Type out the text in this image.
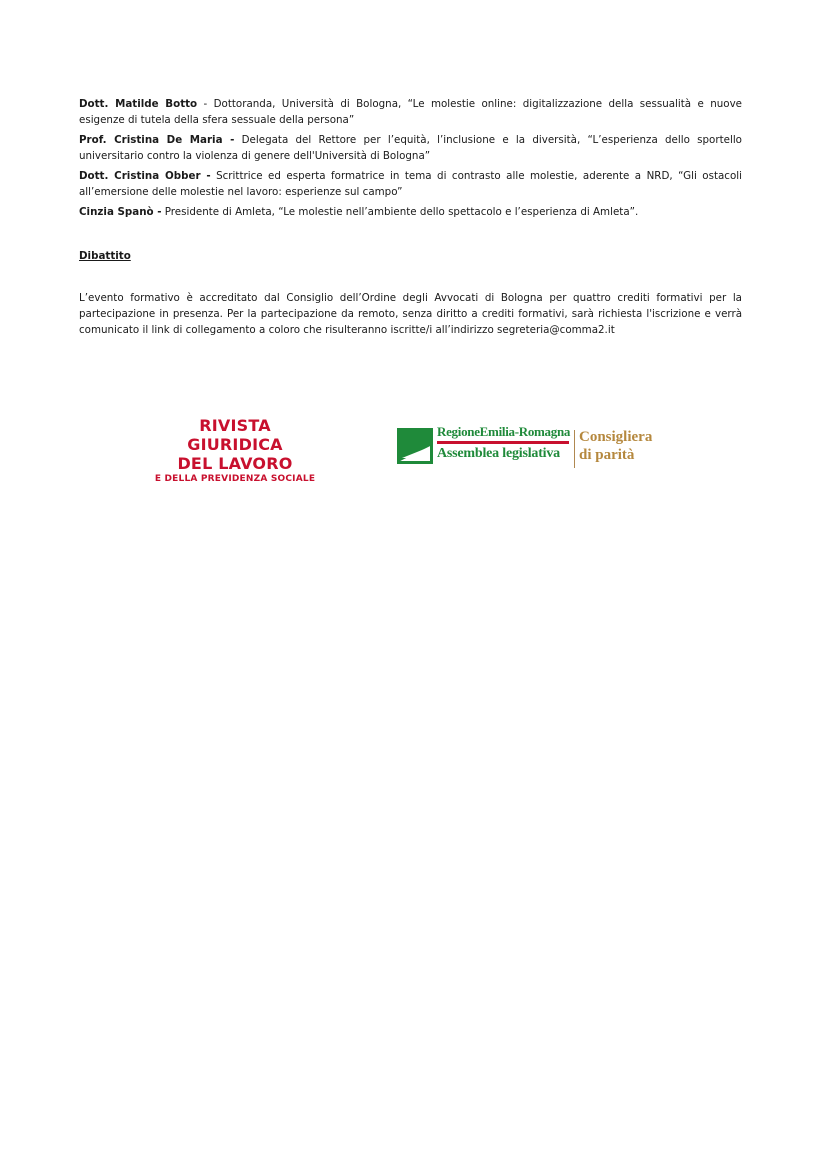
Dott. Matilde Botto - Dottoranda, Università di Bologna, “Le molestie online: digitalizzazione della sessualità e nuove esigenze di tutela della sfera sessuale della persona”

Prof. Cristina De Maria - Delegata del Rettore per l’equità, l’inclusione e la diversità, “L’esperienza dello sportello universitario contro la violenza di genere dell'Università di Bologna”

Dott. Cristina Obber - Scrittrice ed esperta formatrice in tema di contrasto alle molestie, aderente a NRD, “Gli ostacoli all’emersione delle molestie nel lavoro: esperienze sul campo”

Cinzia Spanò - Presidente di Amleta, “Le molestie nell’ambiente dello spettacolo e l’esperienza di Amleta”.

Dibattito

L’evento formativo è accreditato dal Consiglio dell’Ordine degli Avvocati di Bologna per quattro crediti formativi per la partecipazione in presenza. Per la partecipazione da remoto, senza diritto a crediti formativi, sarà richiesta l'iscrizione e verrà comunicato il link di collegamento a coloro che risulteranno iscritte/i all’indirizzo segreteria@comma2.it

RIVISTA GIURIDICA
DEL LAVORO
E DELLA PREVIDENZA SOCIALE
RegioneEmilia-Romagna
Assemblea legislativa
Consigliera
di parità
